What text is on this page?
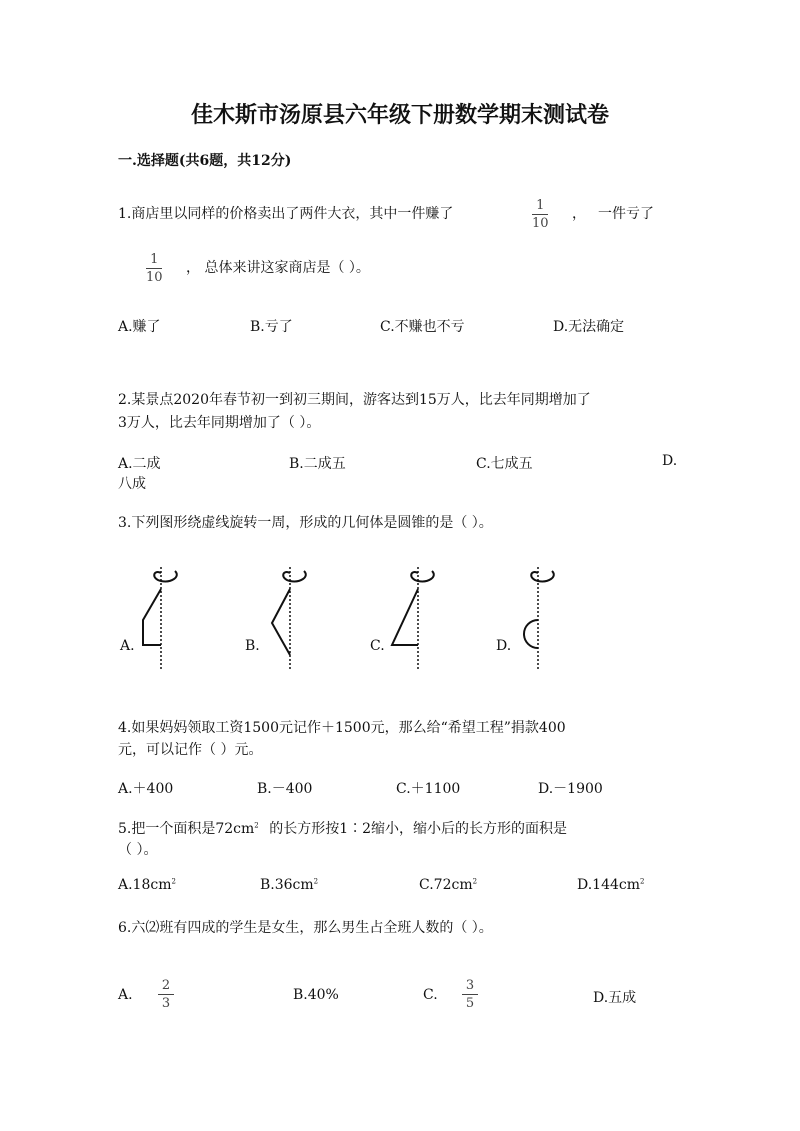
佳木斯市汤原县六年级下册数学期末测试卷
一.选择题(共6题，共12分)
1.商店里以同样的价格卖出了两件大衣，其中一件赚了
1
10
， 一件亏了
1
10
， 总体来讲这家商店是（ ）。
A.赚了	B.亏了	C.不赚也不亏	D.无法确定
2.某景点2020年春节初一到初三期间，游客达到15万人，比去年同期增加了
3万人，比去年同期增加了（ ）。
A.二成	B.二成五	C.七成五	D.
八成
3.下列图形绕虚线旋转一周，形成的几何体是圆锥的是（ ）。
A.	B.	C.	D.
4.如果妈妈领取工资1500元记作＋1500元，那么给“希望工程”捐款400
元，可以记作（ ）元。
A.＋400	B.－400	C.＋1100	D.－1900
5.把一个面积是$72cm^2$ 的长方形按1∶2缩小，缩小后的长方形的面积是
（ ）。
$A.18cm^2$	$B.36cm^2$	$C.72cm^2$	$D.144cm^2$
6.六⑵班有四成的学生是女生，那么男生占全班人数的（ ）。
A.
2
3
B.40%	C.
3
5	D.五成
